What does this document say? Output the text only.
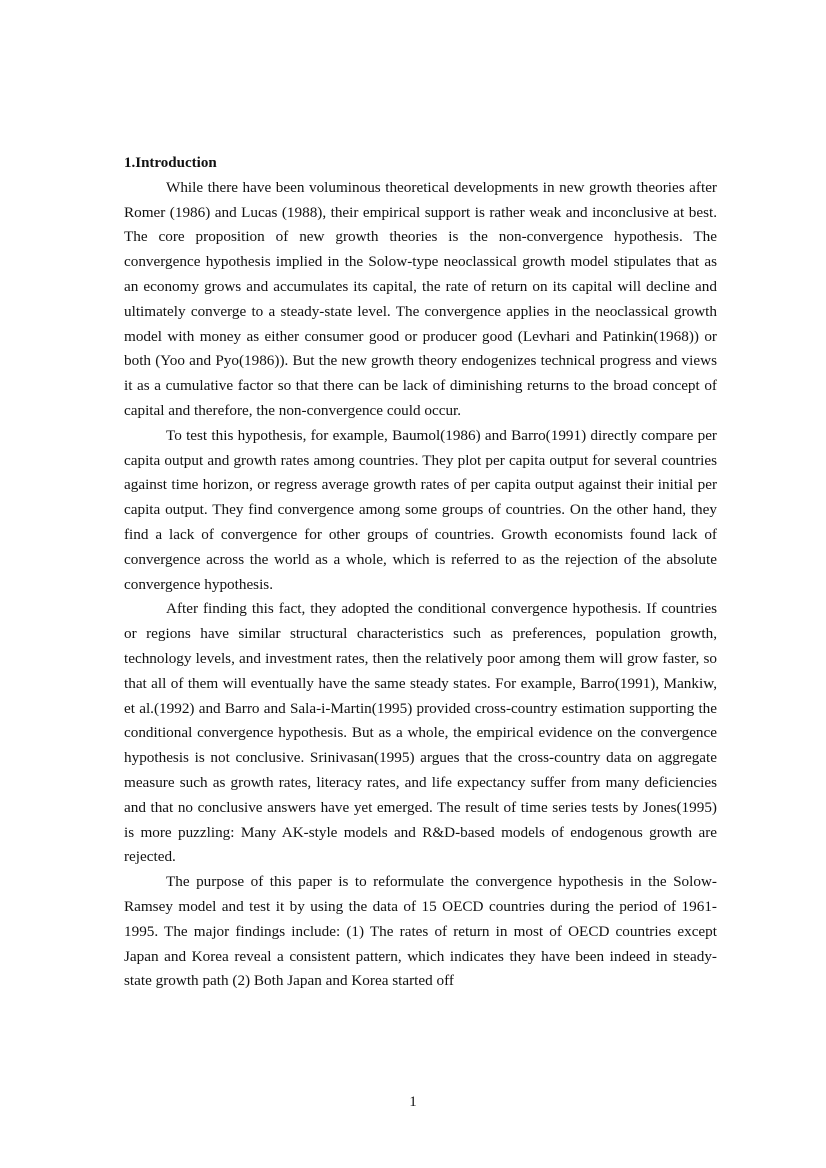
1.Introduction

While there have been voluminous theoretical developments in new growth theories after Romer (1986) and Lucas (1988), their empirical support is rather weak and inconclusive at best. The core proposition of new growth theories is the non-convergence hypothesis. The convergence hypothesis implied in the Solow-type neoclassical growth model stipulates that as an economy grows and accumulates its capital, the rate of return on its capital will decline and ultimately converge to a steady-state level. The convergence applies in the neoclassical growth model with money as either consumer good or producer good (Levhari and Patinkin(1968)) or both (Yoo and Pyo(1986)). But the new growth theory endogenizes technical progress and views it as a cumulative factor so that there can be lack of diminishing returns to the broad concept of capital and therefore, the non-convergence could occur.

To test this hypothesis, for example, Baumol(1986) and Barro(1991) directly compare per capita output and growth rates among countries. They plot per capita output for several countries against time horizon, or regress average growth rates of per capita output against their initial per capita output. They find convergence among some groups of countries. On the other hand, they find a lack of convergence for other groups of countries. Growth economists found lack of convergence across the world as a whole, which is referred to as the rejection of the absolute convergence hypothesis.

After finding this fact, they adopted the conditional convergence hypothesis. If countries or regions have similar structural characteristics such as preferences, population growth, technology levels, and investment rates, then the relatively poor among them will grow faster, so that all of them will eventually have the same steady states. For example, Barro(1991), Mankiw, et al.(1992) and Barro and Sala-i-Martin(1995) provided cross-country estimation supporting the conditional convergence hypothesis. But as a whole, the empirical evidence on the convergence hypothesis is not conclusive. Srinivasan(1995) argues that the cross-country data on aggregate measure such as growth rates, literacy rates, and life expectancy suffer from many deficiencies and that no conclusive answers have yet emerged. The result of time series tests by Jones(1995) is more puzzling: Many AK-style models and R&D-based models of endogenous growth are rejected.

The purpose of this paper is to reformulate the convergence hypothesis in the Solow-Ramsey model and test it by using the data of 15 OECD countries during the period of 1961-1995. The major findings include: (1) The rates of return in most of OECD countries except Japan and Korea reveal a consistent pattern, which indicates they have been indeed in steady-state growth path (2) Both Japan and Korea started off

1
